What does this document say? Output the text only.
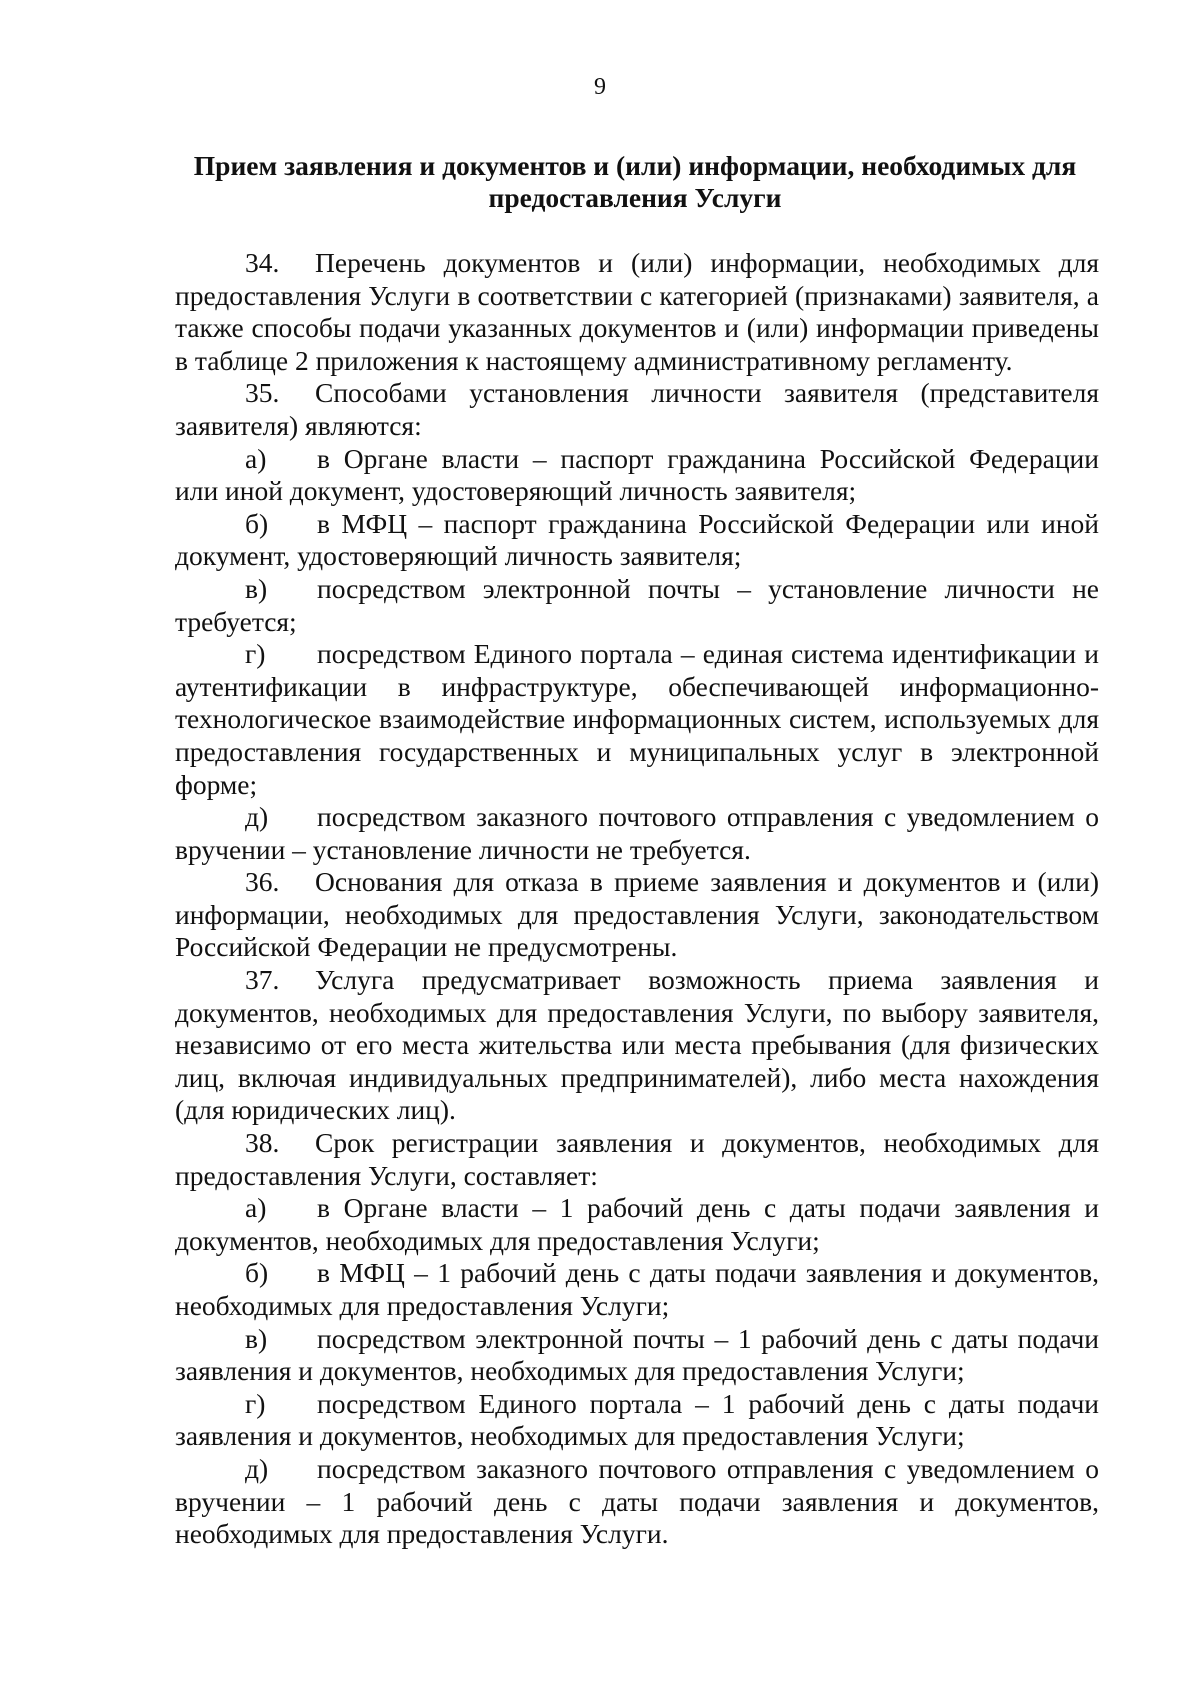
9
Прием заявления и документов и (или) информации, необходимых для предоставления Услуги

34. Перечень документов и (или) информации, необходимых для предоставления Услуги в соответствии с категорией (признаками) заявителя, а также способы подачи указанных документов и (или) информации приведены в таблице 2 приложения к настоящему административному регламенту.

35. Способами установления личности заявителя (представителя заявителя) являются:

а) в Органе власти – паспорт гражданина Российской Федерации или иной документ, удостоверяющий личность заявителя;

б) в МФЦ – паспорт гражданина Российской Федерации или иной документ, удостоверяющий личность заявителя;

в) посредством электронной почты – установление личности не требуется;

г) посредством Единого портала – единая система идентификации и аутентификации в инфраструктуре, обеспечивающей информационно-технологическое взаимодействие информационных систем, используемых для предоставления государственных и муниципальных услуг в электронной форме;

д) посредством заказного почтового отправления с уведомлением о вручении – установление личности не требуется.

36. Основания для отказа в приеме заявления и документов и (или) информации, необходимых для предоставления Услуги, законодательством Российской Федерации не предусмотрены.

37. Услуга предусматривает возможность приема заявления и документов, необходимых для предоставления Услуги, по выбору заявителя, независимо от его места жительства или места пребывания (для физических лиц, включая индивидуальных предпринимателей), либо места нахождения (для юридических лиц).

38. Срок регистрации заявления и документов, необходимых для предоставления Услуги, составляет:

а) в Органе власти – 1 рабочий день с даты подачи заявления и документов, необходимых для предоставления Услуги;

б) в МФЦ – 1 рабочий день с даты подачи заявления и документов, необходимых для предоставления Услуги;

в) посредством электронной почты – 1 рабочий день с даты подачи заявления и документов, необходимых для предоставления Услуги;

г) посредством Единого портала – 1 рабочий день с даты подачи заявления и документов, необходимых для предоставления Услуги;

д) посредством заказного почтового отправления с уведомлением о вручении – 1 рабочий день с даты подачи заявления и документов, необходимых для предоставления Услуги.
